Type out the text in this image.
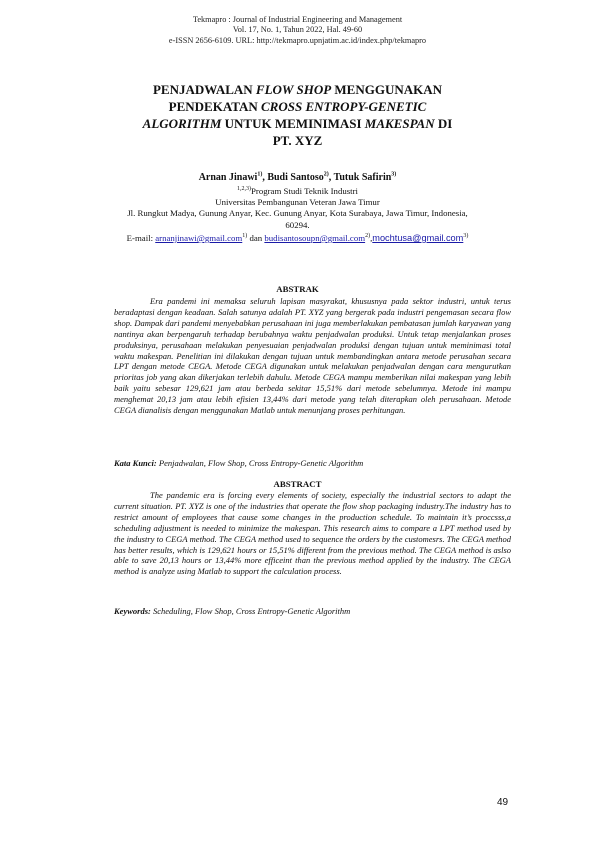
Tekmapro : Journal of Industrial Engineering and Management
Vol. 17, No. 1, Tahun 2022, Hal. 49-60
e-ISSN 2656-6109. URL: http://tekmapro.upnjatim.ac.id/index.php/tekmapro
PENJADWALAN FLOW SHOP MENGGUNAKAN
PENDEKATAN CROSS ENTROPY-GENETIC
ALGORITHM UNTUK MEMINIMASI MAKESPAN DI
PT. XYZ
Arnan Jinawi$^{1)}$, Budi Santoso$^{2)}$, Tutuk Safirin$^{3)}$
$^{1,2,3)}$Program Studi Teknik Industri
Universitas Pembangunan Veteran Jawa Timur
Jl. Rungkut Madya, Gunung Anyar, Kec. Gunung Anyar, Kota Surabaya, Jawa Timur, Indonesia,
60294.
E-mail: arnanjinawi@gmail.com$^{1)}$ dan budisantosoupn@gmail.com$^{2)}$,mochtusa@gmail.com$^{3)}$
ABSTRAK

Era pandemi ini memaksa seluruh lapisan masyrakat, khususnya pada sektor industri, untuk terus beradaptasi dengan keadaan. Salah satunya adalah PT. XYZ yang bergerak pada industri pengemasan secara flow shop. Dampak dari pandemi menyebabkan perusahaan ini juga memberlakukan pembatasan jumlah karyawan yang nantinya akan berpengaruh terhadap berubahnya waktu penjadwalan produksi. Untuk tetap menjalankan proses produksinya, perusahaan melakukan penyesuaian penjadwalan produksi dengan tujuan untuk meminimasi total waktu makespan. Penelitian ini dilakukan dengan tujuan untuk membandingkan antara metode perusahan secara LPT dengan metode CEGA. Metode CEGA digunakan untuk melakukan penjadwalan dengan cara mengurutkan prioritas job yang akan dikerjakan terlebih dahulu. Metode CEGA mampu memberikan nilai makespan yang lebih baik yaitu sebesar 129,621 jam atau berbeda sekitar 15,51% dari metode sebelumnya. Metode ini mampu menghemat 20,13 jam atau lebih efisien 13,44% dari metode yang telah diterapkan oleh perusahaan. Metode CEGA dianalisis dengan menggunakan Matlab untuk menunjang proses perhitungan.

Kata Kunci: Penjadwalan, Flow Shop, Cross Entropy-Genetic Algorithm
ABSTRACT

The pandemic era is forcing every elements of society, especially the industrial sectors to adapt the current situation. PT. XYZ is one of the industries that operate the flow shop packaging industry.The industry has to restrict amount of employees that cause some changes in the production schedule. To maintain it’s proccsss,a scheduling adjustment is needed to minimize the makespan. This research aims to compare a LPT method used by the industry to CEGA method. The CEGA method used to sequence the orders by the customesrs. The CEGA method has better results, which is 129,621 hours or 15,51% different from the previous method. The CEGA method is aslso able to save 20,13 hours or 13,44% more efficeint than the previous method applied by the industry. The CEGA method is analyze using Matlab to support the calculation process.

Keywords: Scheduling, Flow Shop, Cross Entropy-Genetic Algorithm
49
